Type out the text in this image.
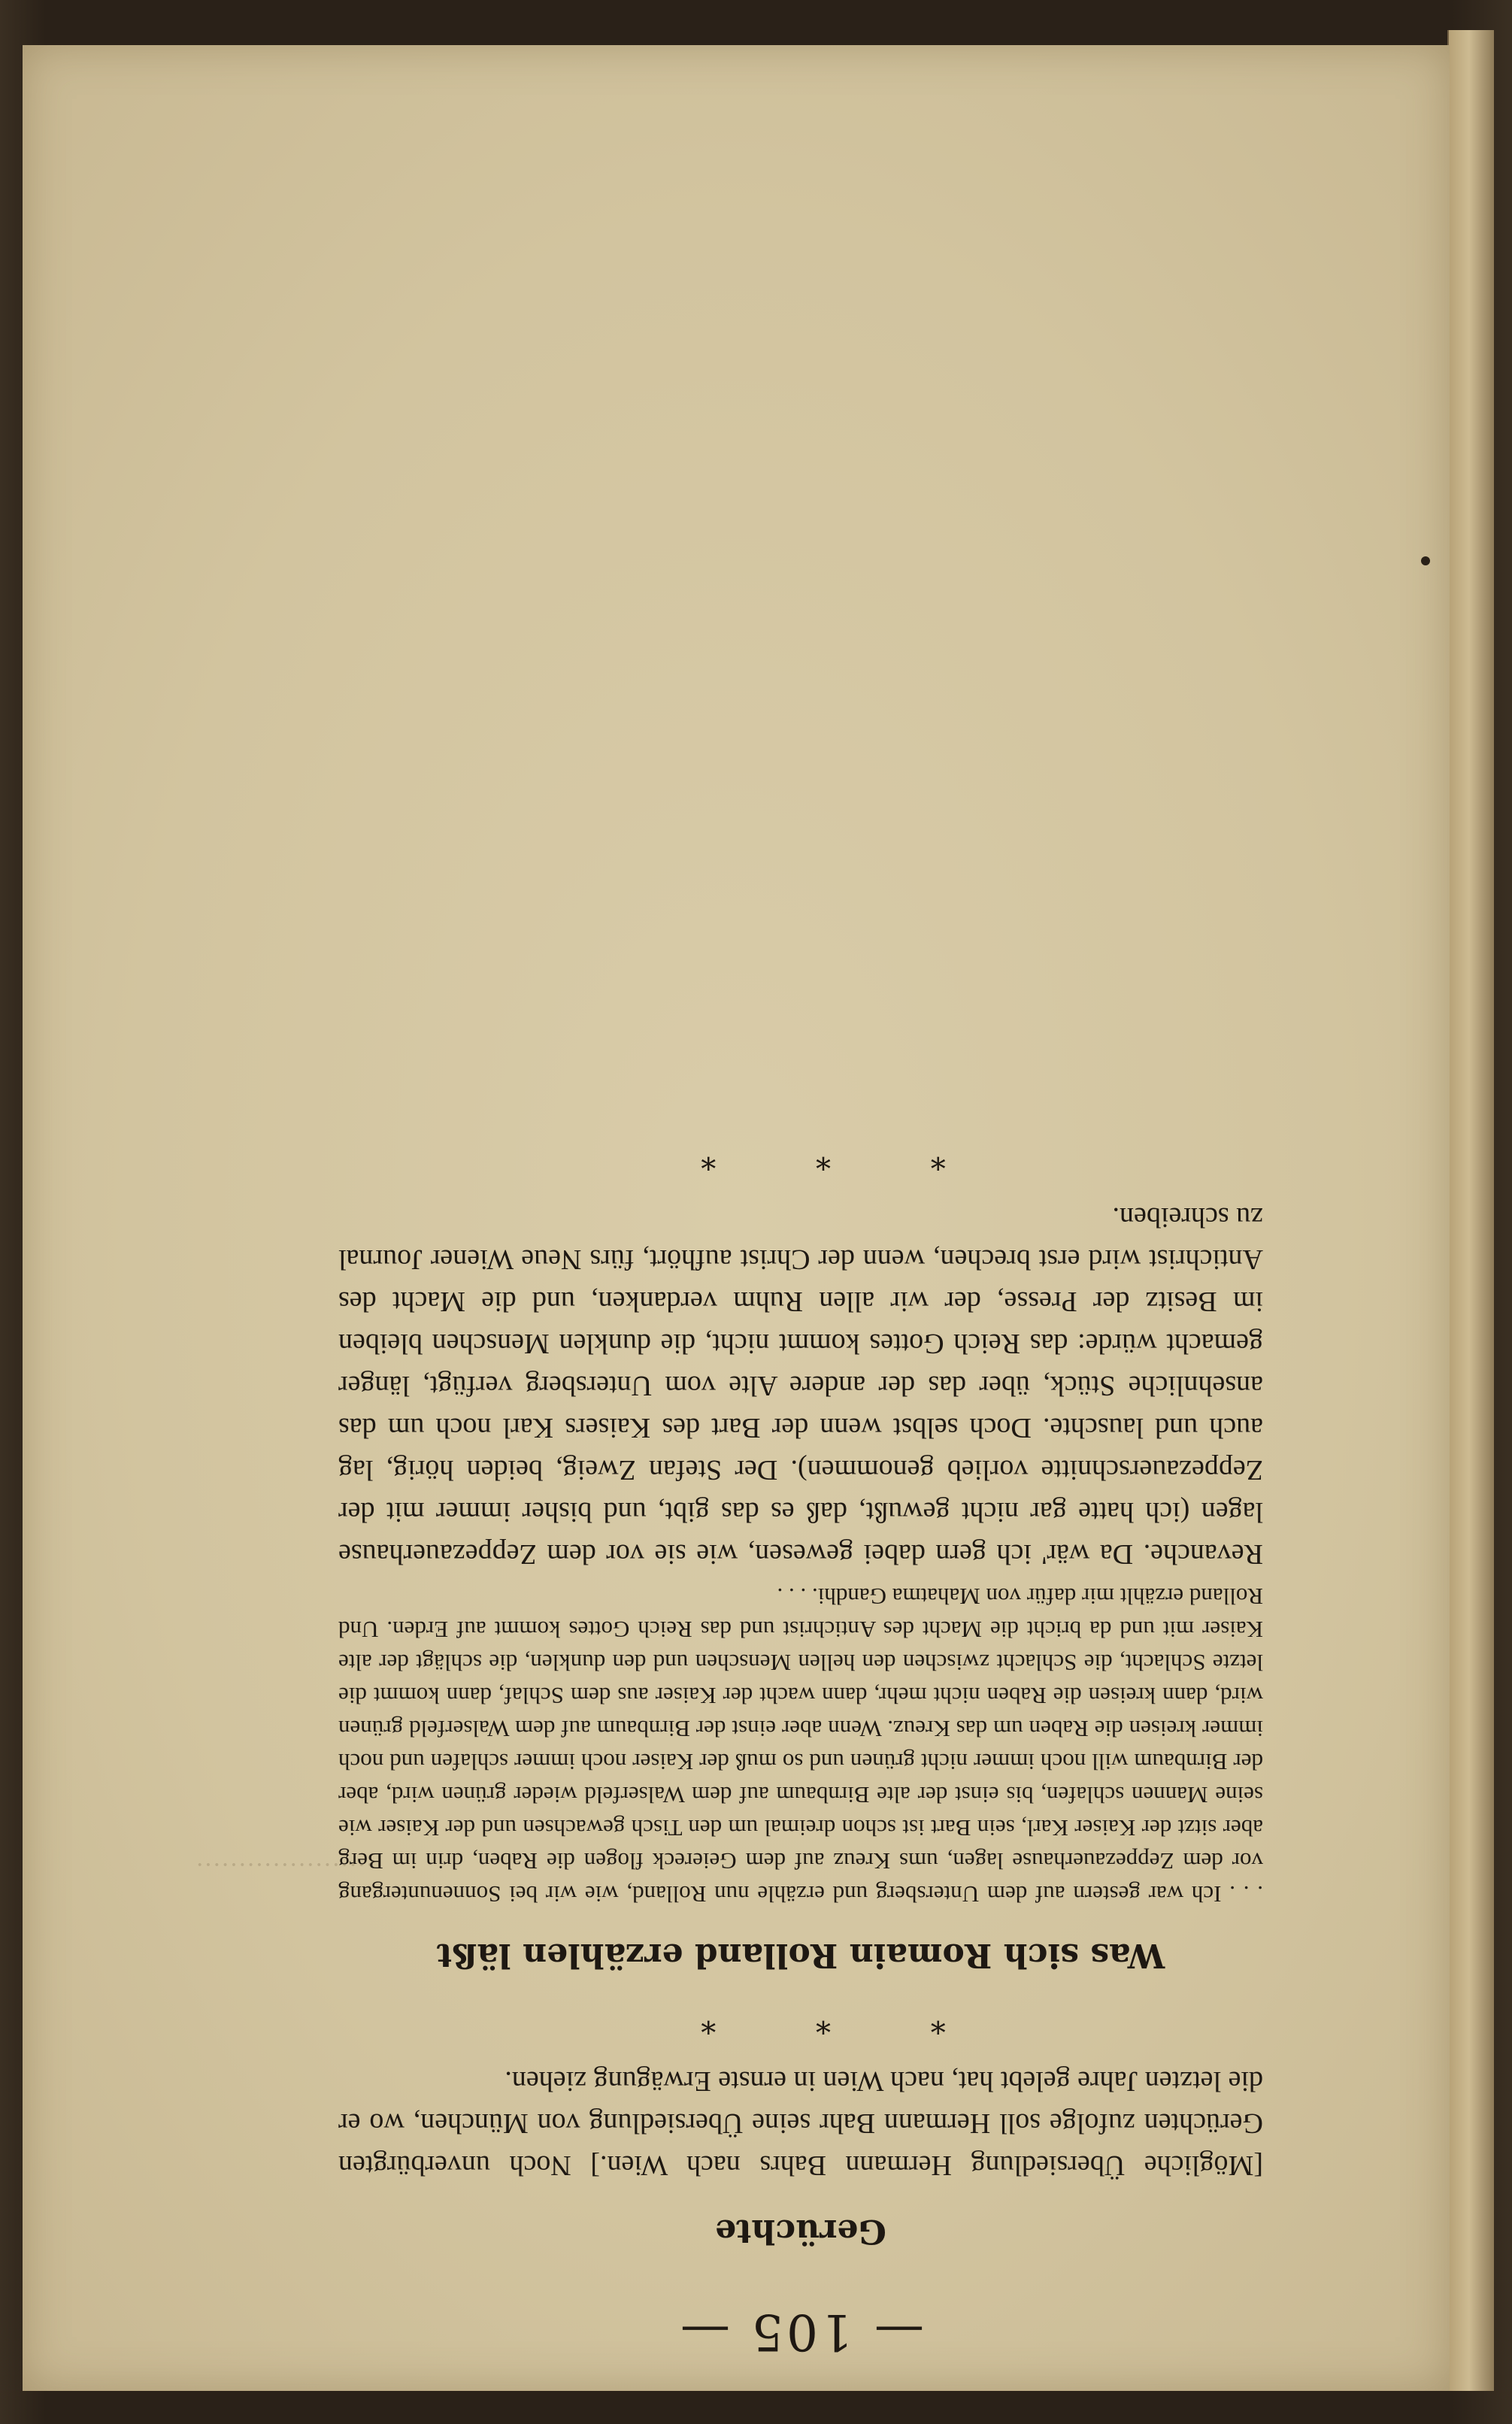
·····················
— 105 —
Gerüchte

[Mögliche Übersiedlung Hermann Bahrs nach Wien.] Noch unverbürgten Gerüchten zufolge soll Hermann Bahr seine Übersiedlung von München, wo er die letzten Jahre gelebt hat, nach Wien in ernste Erwägung ziehen.

* * *
Was sich Romain Rolland erzählen läßt

. . . Ich war gestern auf dem Untersberg und erzähle nun Rolland, wie wir bei Sonnenuntergang vor dem Zeppezauerhause lagen, ums Kreuz auf dem Geiereck flogen die Raben, drin im Berg aber sitzt der Kaiser Karl, sein Bart ist schon dreimal um den Tisch gewachsen und der Kaiser wie seine Mannen schlafen, bis einst der alte Birnbaum auf dem Walserfeld wieder grünen wird, aber der Birnbaum will noch immer nicht grünen und so muß der Kaiser noch immer schlafen und noch immer kreisen die Raben um das Kreuz. Wenn aber einst der Birnbaum auf dem Walserfeld grünen wird, dann kreisen die Raben nicht mehr, dann wacht der Kaiser aus dem Schlaf, dann kommt die letzte Schlacht, die Schlacht zwischen den hellen Menschen und den dunklen, die schlägt der alte Kaiser mit und da bricht die Macht des Antichrist und das Reich Gottes kommt auf Erden. Und Rolland erzählt mir dafür von Mahatma Gandhi. . . .

Revanche. Da wär' ich gern dabei gewesen, wie sie vor dem Zeppezauerhause lagen (ich hatte gar nicht gewußt, daß es das gibt, und bisher immer mit der Zeppezauerschnitte vorlieb genommen). Der Stefan Zweig, beiden hörig, lag auch und lauschte. Doch selbst wenn der Bart des Kaisers Karl noch um das ansehnliche Stück, über das der andere Alte vom Untersberg verfügt, länger gemacht würde: das Reich Gottes kommt nicht, die dunklen Menschen bleiben im Besitz der Presse, der wir allen Ruhm verdanken, und die Macht des Antichrist wird erst brechen, wenn der Christ aufhört, fürs Neue Wiener Journal zu schreiben.

* * *
